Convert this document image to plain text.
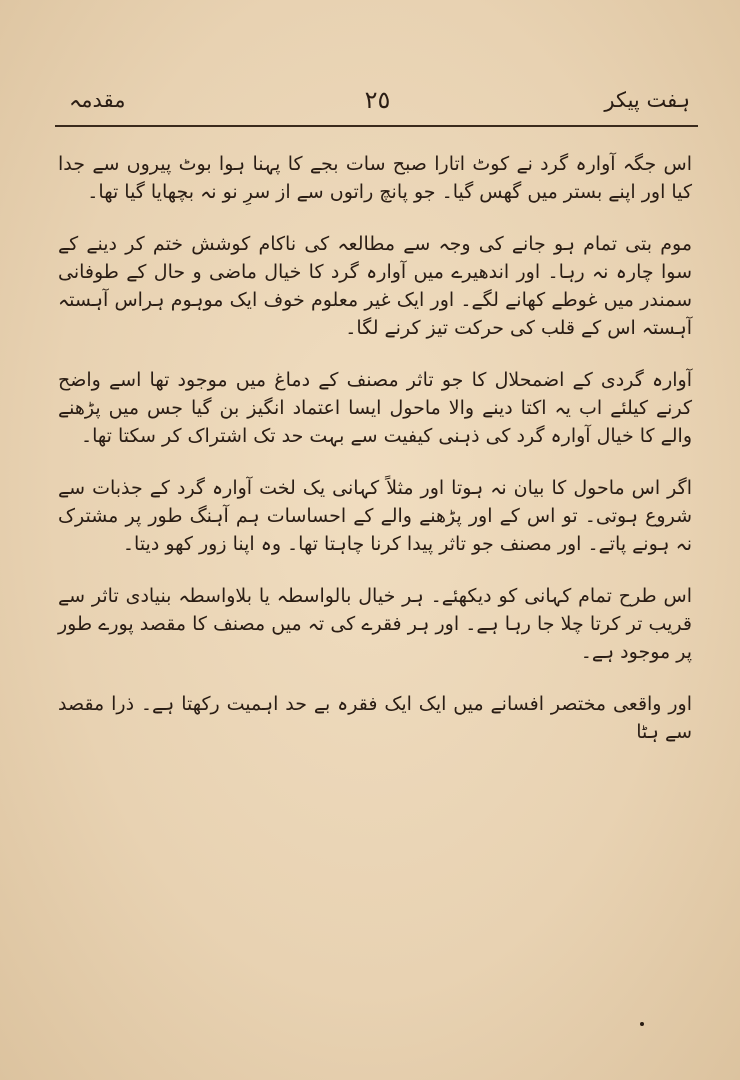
ہفت پیکر
٢٥
مقدمہ

اس جگہ آوارہ گرد نے کوٹ اتارا صبح سات بجے کا پہنا ہوا بوٹ پیروں سے جدا کیا اور اپنے بستر میں گھس گیا۔ جو پانچ راتوں سے از سرِ نو نہ بچھایا گیا تھا۔

موم بتی تمام ہو جانے کی وجہ سے مطالعہ کی ناکام کوشش ختم کر دینے کے سوا چارہ نہ رہا۔ اور اندھیرے میں آوارہ گرد کا خیال ماضی و حال کے طوفانی سمندر میں غوطے کھانے لگے۔ اور ایک غیر معلوم خوف ایک موہوم ہراس آہستہ آہستہ اس کے قلب کی حرکت تیز کرنے لگا۔

آوارہ گردی کے اضمحلال کا جو تاثر مصنف کے دماغ میں موجود تھا اسے واضح کرنے کیلئے اب یہ اکتا دینے والا ماحول ایسا اعتماد انگیز بن گیا جس میں پڑھنے والے کا خیال آوارہ گرد کی ذہنی کیفیت سے بہت حد تک اشتراک کر سکتا تھا۔

اگر اس ماحول کا بیان نہ ہوتا اور مثلاً کہانی یک لخت آوارہ گرد کے جذبات سے شروع ہوتی۔ تو اس کے اور پڑھنے والے کے احساسات ہم آہنگ طور پر مشترک نہ ہونے پاتے۔ اور مصنف جو تاثر پیدا کرنا چاہتا تھا۔ وہ اپنا زور کھو دیتا۔

اس طرح تمام کہانی کو دیکھئے۔ ہر خیال بالواسطہ یا بلاواسطہ بنیادی تاثر سے قریب تر کرتا چلا جا رہا ہے۔ اور ہر فقرے کی تہ میں مصنف کا مقصد پورے طور پر موجود ہے۔

اور واقعی مختصر افسانے میں ایک ایک فقرہ بے حد اہمیت رکھتا ہے۔ ذرا مقصد سے ہٹا
